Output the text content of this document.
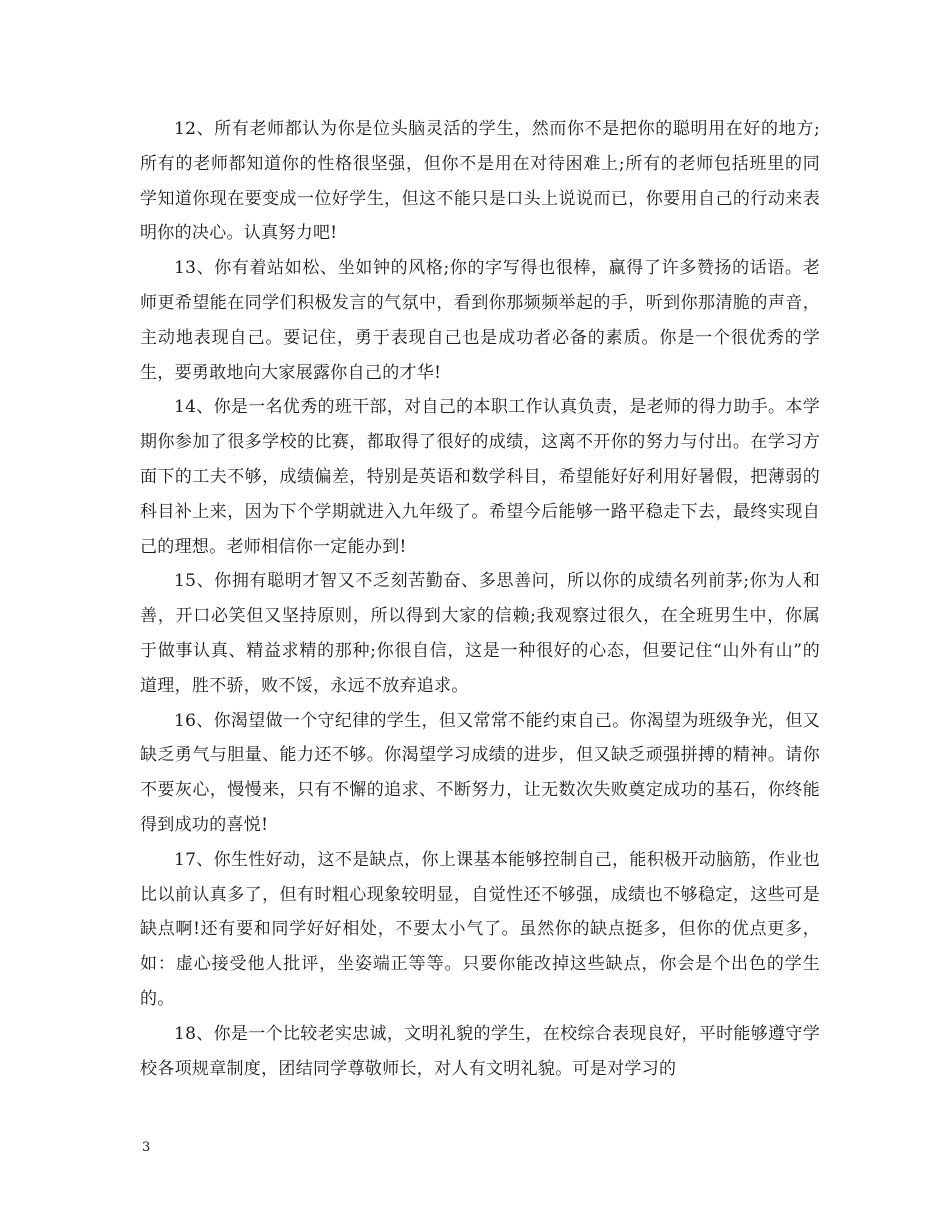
12、所有老师都认为你是位头脑灵活的学生，然而你不是把你的聪明用在好的地方;所有的老师都知道你的性格很坚强，但你不是用在对待困难上;所有的老师包括班里的同学知道你现在要变成一位好学生，但这不能只是口头上说说而已，你要用自己的行动来表明你的决心。认真努力吧!

13、你有着站如松、坐如钟的风格;你的字写得也很棒，赢得了许多赞扬的话语。老师更希望能在同学们积极发言的气氛中，看到你那频频举起的手，听到你那清脆的声音，主动地表现自己。要记住，勇于表现自己也是成功者必备的素质。你是一个很优秀的学生，要勇敢地向大家展露你自己的才华!

14、你是一名优秀的班干部，对自己的本职工作认真负责，是老师的得力助手。本学期你参加了很多学校的比赛，都取得了很好的成绩，这离不开你的努力与付出。在学习方面下的工夫不够，成绩偏差，特别是英语和数学科目，希望能好好利用好暑假，把薄弱的科目补上来，因为下个学期就进入九年级了。希望今后能够一路平稳走下去，最终实现自己的理想。老师相信你一定能办到!

15、你拥有聪明才智又不乏刻苦勤奋、多思善问，所以你的成绩名列前茅;你为人和善，开口必笑但又坚持原则，所以得到大家的信赖;我观察过很久，在全班男生中，你属于做事认真、精益求精的那种;你很自信，这是一种很好的心态，但要记住“山外有山”的道理，胜不骄，败不馁，永远不放弃追求。

16、你渴望做一个守纪律的学生，但又常常不能约束自己。你渴望为班级争光，但又缺乏勇气与胆量、能力还不够。你渴望学习成绩的进步，但又缺乏顽强拼搏的精神。请你不要灰心，慢慢来，只有不懈的追求、不断努力，让无数次失败奠定成功的基石，你终能得到成功的喜悦!

17、你生性好动，这不是缺点，你上课基本能够控制自己，能积极开动脑筋，作业也比以前认真多了，但有时粗心现象较明显，自觉性还不够强，成绩也不够稳定，这些可是缺点啊!还有要和同学好好相处，不要太小气了。虽然你的缺点挺多，但你的优点更多，如：虚心接受他人批评，坐姿端正等等。只要你能改掉这些缺点，你会是个出色的学生的。

18、你是一个比较老实忠诚，文明礼貌的学生，在校综合表现良好，平时能够遵守学校各项规章制度，团结同学尊敬师长，对人有文明礼貌。可是对学习的

3
